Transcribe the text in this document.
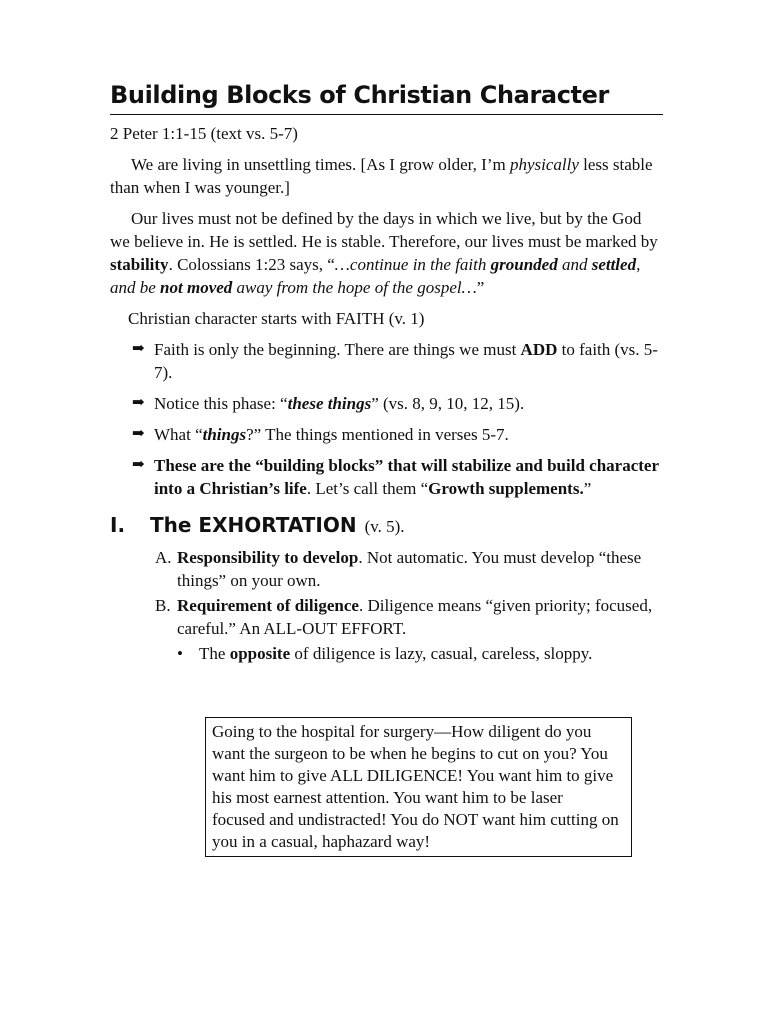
Building Blocks of Christian Character
2 Peter 1:1-15 (text vs. 5-7)

We are living in unsettling times. [As I grow older, I’m physically less stable than when I was younger.]

Our lives must not be defined by the days in which we live, but by the God we believe in. He is settled. He is stable. Therefore, our lives must be marked by stability. Colossians 1:23 says, “…continue in the faith grounded and settled, and be not moved away from the hope of the gospel…”

Christian character starts with FAITH (v. 1)
➡ Faith is only the beginning. There are things we must ADD to faith (vs. 5-7).
➡ Notice this phase: “these things” (vs. 8, 9, 10, 12, 15).
➡ What “things?” The things mentioned in verses 5-7.
➡ These are the “building blocks” that will stabilize and build character into a Christian’s life. Let’s call them “Growth supplements.”
I.	The EXHORTATION (v. 5).
A. Responsibility to develop. Not automatic. You must develop “these things” on your own.
B. Requirement of diligence. Diligence means “given priority; focused, careful.” An ALL-OUT EFFORT.
• The opposite of diligence is lazy, casual, careless, sloppy.
Going to the hospital for surgery—How diligent do you want the surgeon to be when he begins to cut on you? You want him to give ALL DILIGENCE! You want him to give his most earnest attention. You want him to be laser focused and undistracted! You do NOT want him cutting on you in a casual, haphazard way!
